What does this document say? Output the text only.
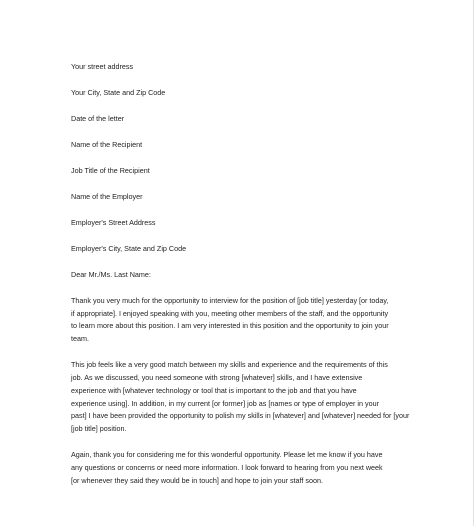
Your street address
Your City, State and Zip Code
Date of the letter
Name of the Recipient
Job Title of the Recipient
Name of the Employer
Employer's Street Address
Employer's City, State and Zip Code
Dear Mr./Ms. Last Name:
Thank you very much for the opportunity to interview for the position of [job title] yesterday [or today,
if appropriate]. I enjoyed speaking with you, meeting other members of the staff, and the opportunity
to learn more about this position. I am very interested in this position and the opportunity to join your
team.
This job feels like a very good match between my skills and experience and the requirements of this
job. As we discussed, you need someone with strong [whatever] skills, and I have extensive
experience with [whatever technology or tool that is important to the job and that you have
experience using]. In addition, in my current [or former] job as [names or type of employer in your
past] I have been provided the opportunity to polish my skills in [whatever] and [whatever] needed for [your
[job title] position.
Again, thank you for considering me for this wonderful opportunity. Please let me know if you have
any questions or concerns or need more information. I look forward to hearing from you next week
[or whenever they said they would be in touch] and hope to join your staff soon.
